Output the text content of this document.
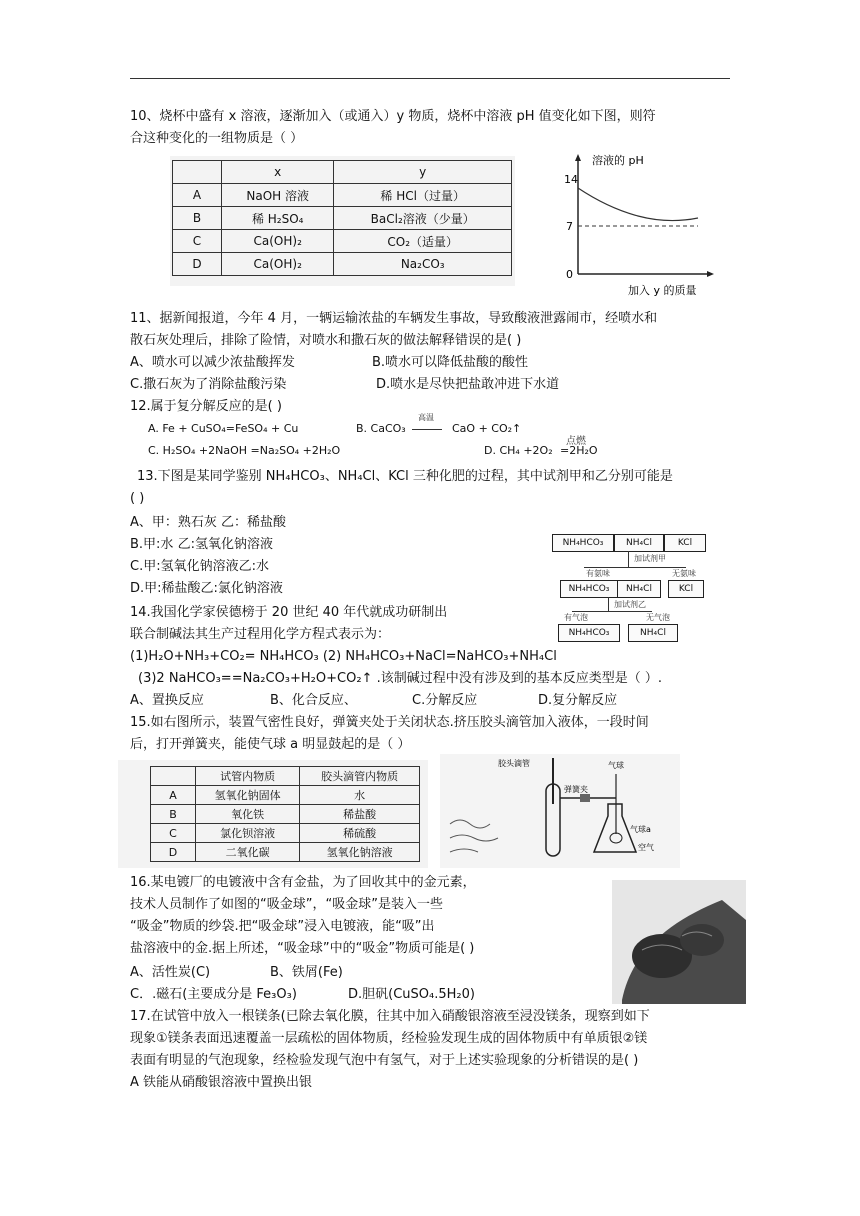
10、烧杯中盛有 x 溶液，逐渐加入（或通入）y 物质，烧杯中溶液 pH 值变化如下图，则符
合这种变化的一组物质是（ ）
	x	y
A	NaOH 溶液	稀 HCl（过量）
B	稀 H₂SO₄	BaCl₂溶液（少量）
C	Ca(OH)₂	CO₂（适量）
D	Ca(OH)₂	Na₂CO₃
溶液的 pH
14
7
0
加入 y 的质量
11、据新闻报道，今年 4 月，一辆运输浓盐的车辆发生事故，导致酸液泄露闹市，经喷水和
散石灰处理后，排除了险情，对喷水和撒石灰的做法解释错误的是( )
A、喷水可以减少浓盐酸挥发	B.喷水可以降低盐酸的酸性
C.撒石灰为了消除盐酸污染	D.喷水是尽快把盐敢冲进下水道
12.属于复分解反应的是( )
A. Fe + CuSO₄=FeSO₄ + Cu	B. CaCO₃
高温
CaO + CO₂↑
C. H₂SO₄ +2NaOH =Na₂SO₄ +2H₂O	D. CH₄ +2O₂
点燃
=2H₂O
13.下图是某同学鉴别 NH₄HCO₃、NH₄Cl、KCl 三种化肥的过程，其中试剂甲和乙分别可能是
( )
A、甲：熟石灰 乙：稀盐酸
B.甲:水 乙:氢氧化钠溶液
C.甲:氢氧化钠溶液乙:水
D.甲:稀盐酸乙:氯化钠溶液
NH₄HCO₃	NH₄Cl	KCl
加试剂甲
有氨味	无氨味
NH₄HCO₃	NH₄Cl	KCl
加试剂乙
有气泡	无气泡
NH₄HCO₃	NH₄Cl
14.我国化学家侯德榜于 20 世纪 40 年代就成功研制出
联合制碱法其生产过程用化学方程式表示为：
(1)H₂O+NH₃+CO₂= NH₄HCO₃ (2) NH₄HCO₃+NaCl=NaHCO₃+NH₄Cl
(3)2 NaHCO₃==Na₂CO₃+H₂O+CO₂↑ .该制碱过程中没有涉及到的基本反应类型是（ ）.
A、置换反应	B、化合反应、	C.分解反应	D.复分解反应
15.如右图所示，装置气密性良好，弹簧夹处于关闭状态.挤压胶头滴管加入液体，一段时间
后，打开弹簧夹，能使气球 a 明显鼓起的是（ ）
	试管内物质	胶头滴管内物质
A	氢氧化钠固体	水
B	氧化铁	稀盐酸
C	氯化钡溶液	稀硫酸
D	二氧化碳	氢氧化钠溶液
胶头滴管
弹簧夹
气球
气球a
空气
16.某电镀厂的电镀液中含有金盐，为了回收其中的金元素，
技术人员制作了如图的“吸金球”，“吸金球”是装入一些
“吸金”物质的纱袋.把“吸金球”浸入电镀液，能“吸”出
盐溶液中的金.据上所述，“吸金球”中的“吸金”物质可能是( )
A、活性炭(C)	B、铁屑(Fe)
C．.磁石(主要成分是 Fe₃O₃)	D.胆矾(CuSO₄.5H₂0)
17.在试管中放入一根镁条(已除去氧化膜，往其中加入硝酸银溶液至浸没镁条，现察到如下
现象①镁条表面迅速覆盖一层疏松的固体物质，经检验发现生成的固体物质中有单质银②镁
表面有明显的气泡现象，经检验发现气泡中有氢气，对于上述实验现象的分析错误的是( )
A 铁能从硝酸银溶液中置换出银
